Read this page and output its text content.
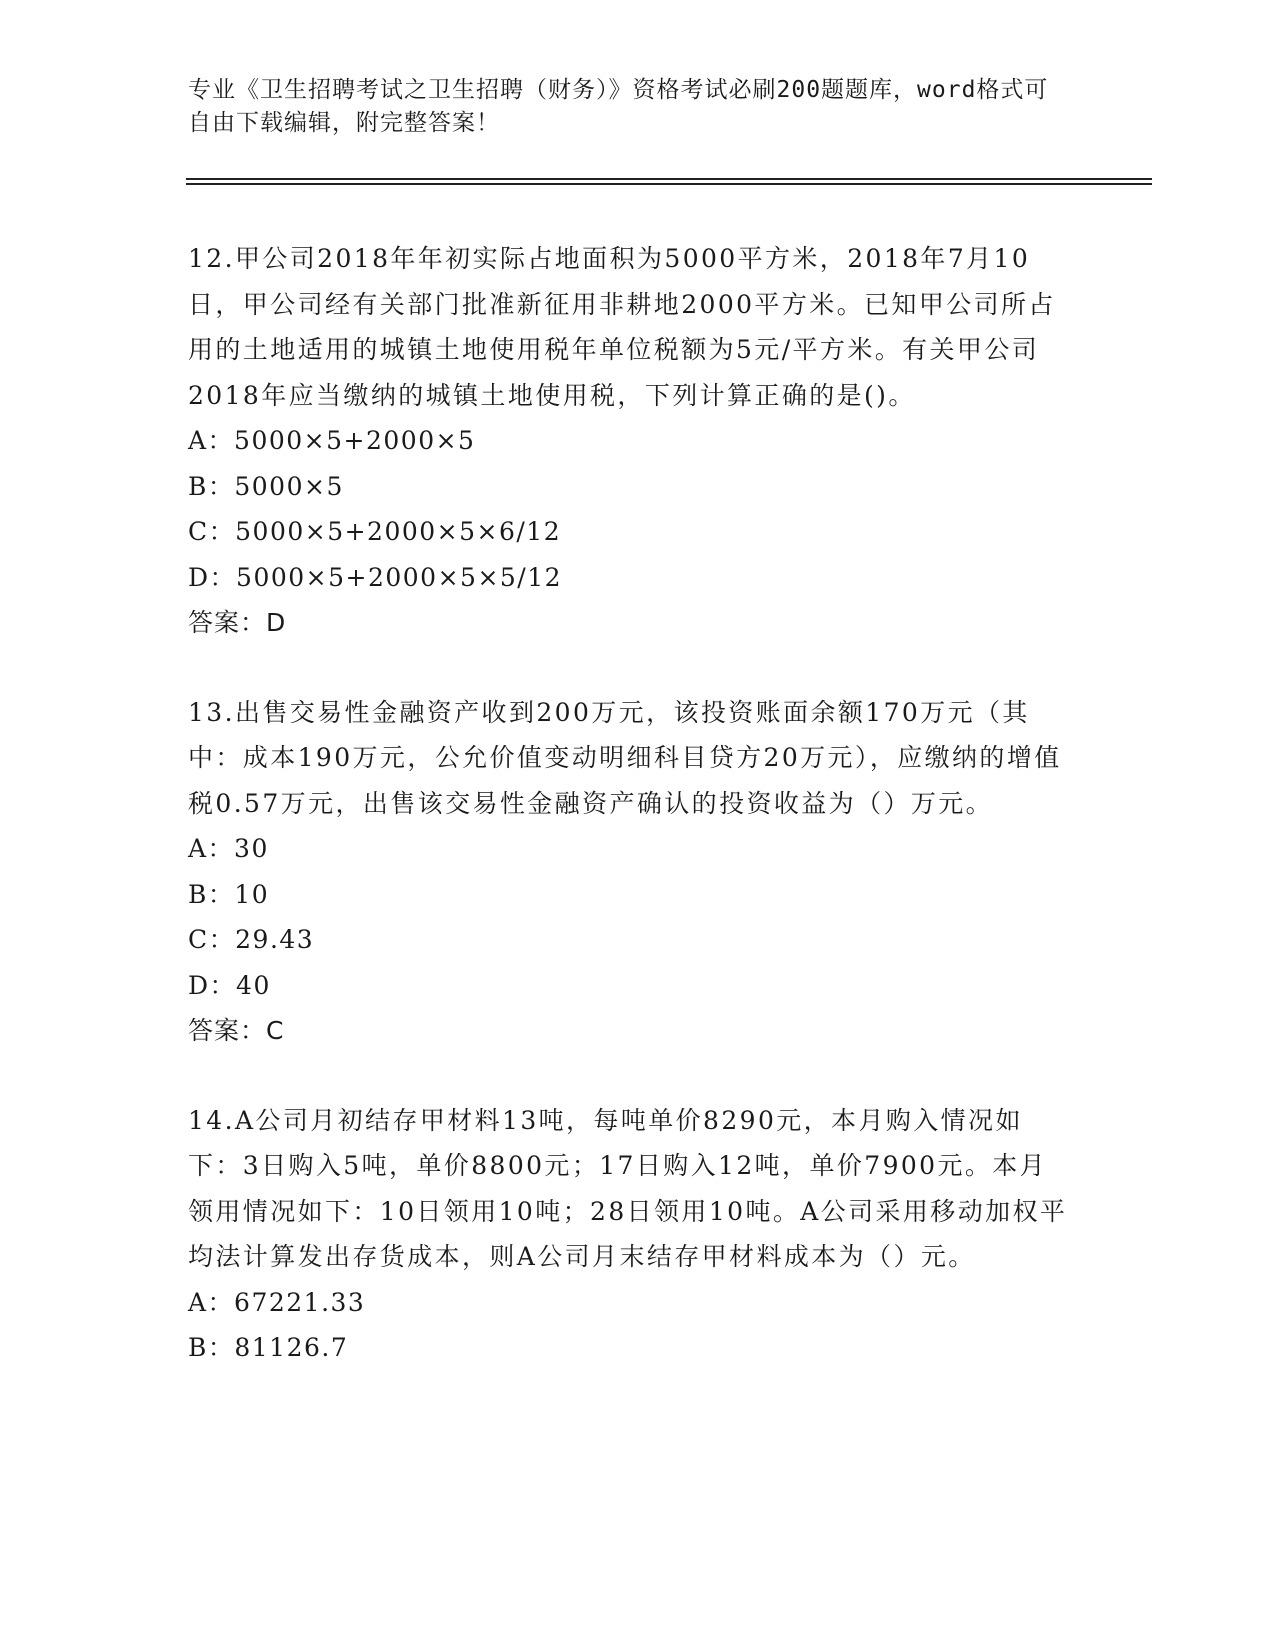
专业《卫生招聘考试之卫生招聘（财务）》资格考试必刷200题题库，word格式可自由下载编辑，附完整答案！

12.甲公司2018年年初实际占地面积为5000平方米，2018年7月10日，甲公司经有关部门批准新征用非耕地2000平方米。已知甲公司所占用的土地适用的城镇土地使用税年单位税额为5元/平方米。有关甲公司2018年应当缴纳的城镇土地使用税，下列计算正确的是()。

A：5000×5+2000×5

B：5000×5

C：5000×5+2000×5×6/12

D：5000×5+2000×5×5/12

答案：D

13.出售交易性金融资产收到200万元，该投资账面余额170万元（其中：成本190万元，公允价值变动明细科目贷方20万元），应缴纳的增值税0.57万元，出售该交易性金融资产确认的投资收益为（）万元。

A：30

B：10

C：29.43

D：40

答案：C

14.A公司月初结存甲材料13吨，每吨单价8290元，本月购入情况如下：3日购入5吨，单价8800元；17日购入12吨，单价7900元。本月领用情况如下：10日领用10吨；28日领用10吨。A公司采用移动加权平均法计算发出存货成本，则A公司月末结存甲材料成本为（）元。

A：67221.33

B：81126.7
